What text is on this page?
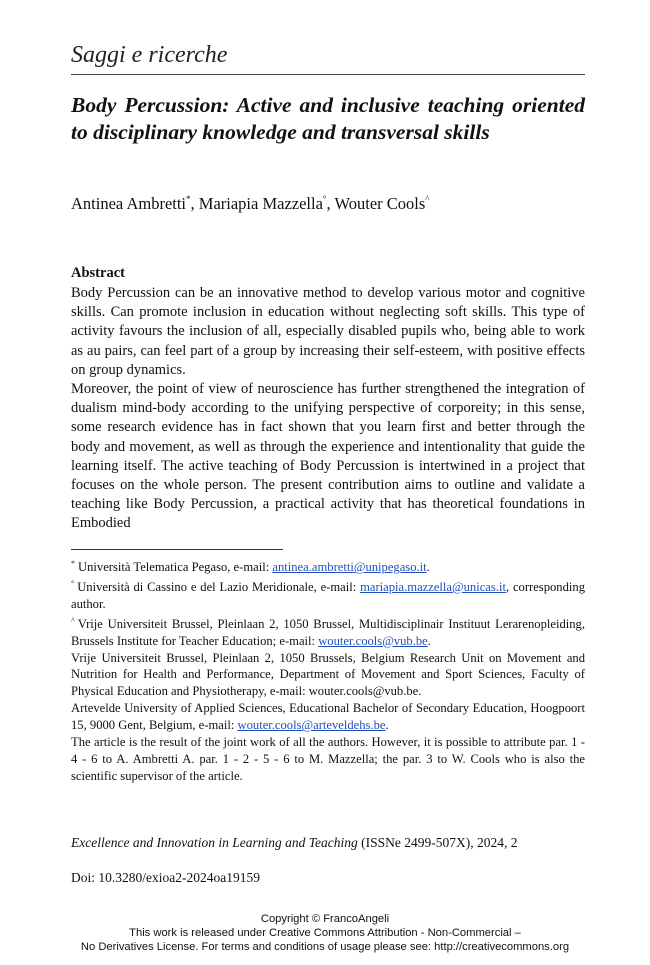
Saggi e ricerche
Body Percussion: Active and inclusive teaching oriented to disciplinary knowledge and transversal skills
Antinea Ambretti*, Mariapia Mazzella°, Wouter Cools^
Abstract

Body Percussion can be an innovative method to develop various motor and cognitive skills. Can promote inclusion in education without neglecting soft skills. This type of activity favours the inclusion of all, especially disabled pupils who, being able to work as au pairs, can feel part of a group by increasing their self-esteem, with positive effects on group dynamics.

Moreover, the point of view of neuroscience has further strengthened the integration of dualism mind-body according to the unifying perspective of corporeity; in this sense, some research evidence has in fact shown that you learn first and better through the body and movement, as well as through the experience and intentionality that guide the learning itself. The active teaching of Body Percussion is intertwined in a project that focuses on the whole person. The present contribution aims to outline and validate a teaching like Body Percussion, a practical activity that has theoretical foundations in Embodied

* Università Telematica Pegaso, e-mail: antinea.ambretti@unipegaso.it.

° Università di Cassino e del Lazio Meridionale, e-mail: mariapia.mazzella@unicas.it, corresponding author.

^ Vrije Universiteit Brussel, Pleinlaan 2, 1050 Brussel, Multidisciplinair Instituut Lerarenopleiding, Brussels Institute for Teacher Education; e-mail: wouter.cools@vub.be.

Vrije Universiteit Brussel, Pleinlaan 2, 1050 Brussels, Belgium Research Unit on Movement and Nutrition for Health and Performance, Department of Movement and Sport Sciences, Faculty of Physical Education and Physiotherapy, e-mail: wouter.cools@vub.be.

Artevelde University of Applied Sciences, Educational Bachelor of Secondary Education, Hoogpoort 15, 9000 Gent, Belgium, e-mail: wouter.cools@arteveldehs.be.

The article is the result of the joint work of all the authors. However, it is possible to attribute par. 1 - 4 - 6 to A. Ambretti A. par. 1 - 2 - 5 - 6 to M. Mazzella; the par. 3 to W. Cools who is also the scientific supervisor of the article.

Excellence and Innovation in Learning and Teaching (ISSNe 2499-507X), 2024, 2
Doi: 10.3280/exioa2-2024oa19159
Copyright © FrancoAngeli
This work is released under Creative Commons Attribution - Non-Commercial –
No Derivatives License. For terms and conditions of usage please see: http://creativecommons.org
